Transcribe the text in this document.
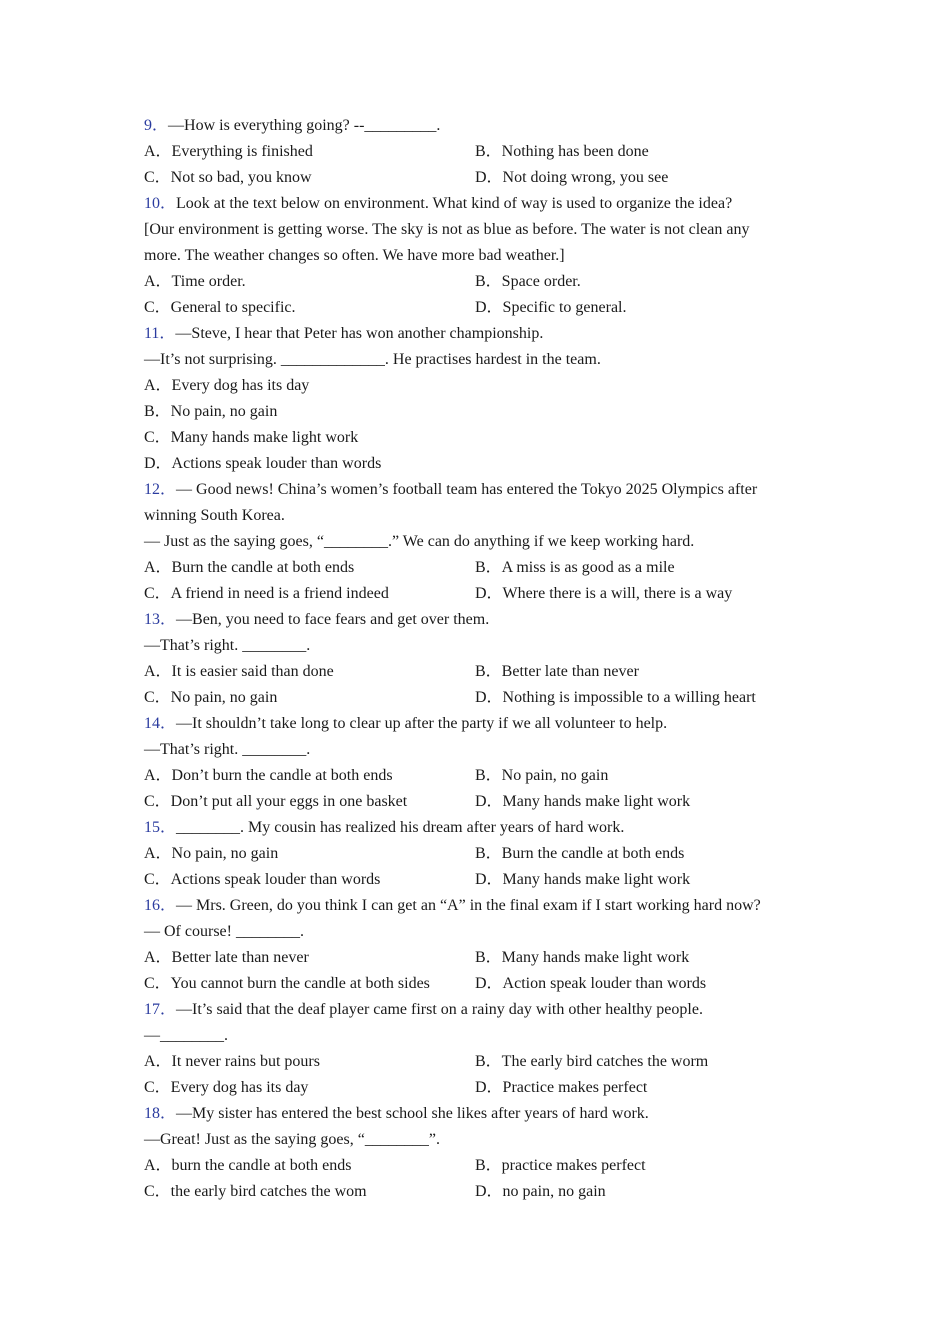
9．—How is everything going? --_________.
A．Everything is finished	B．Nothing has been done
C．Not so bad, you know	D．Not doing wrong, you see
10．Look at the text below on environment. What kind of way is used to organize the idea?
[Our environment is getting worse. The sky is not as blue as before. The water is not clean any
more. The weather changes so often. We have more bad weather.]
A．Time order.	B．Space order.
C．General to specific.	D．Specific to general.
11．—Steve, I hear that Peter has won another championship.
—It’s not surprising. _____________. He practises hardest in the team.
A．Every dog has its day
B．No pain, no gain
C．Many hands make light work
D．Actions speak louder than words
12．— Good news! China’s women’s football team has entered the Tokyo 2025 Olympics after
winning South Korea.
— Just as the saying goes, “________.” We can do anything if we keep working hard.
A．Burn the candle at both ends	B．A miss is as good as a mile
C．A friend in need is a friend indeed	D．Where there is a will, there is a way
13．—Ben, you need to face fears and get over them.
—That’s right. ________.
A．It is easier said than done	B．Better late than never
C．No pain, no gain	D．Nothing is impossible to a willing heart
14．—It shouldn’t take long to clear up after the party if we all volunteer to help.
—That’s right. ________.
A．Don’t burn the candle at both ends	B．No pain, no gain
C．Don’t put all your eggs in one basket	D．Many hands make light work
15．________. My cousin has realized his dream after years of hard work.
A．No pain, no gain	B．Burn the candle at both ends
C．Actions speak louder than words	D．Many hands make light work
16．— Mrs. Green, do you think I can get an “A” in the final exam if I start working hard now?
— Of course! ________.
A．Better late than never	B．Many hands make light work
C．You cannot burn the candle at both sides	D．Action speak louder than words
17．—It’s said that the deaf player came first on a rainy day with other healthy people.
—________.
A．It never rains but pours	B．The early bird catches the worm
C．Every dog has its day	D．Practice makes perfect
18．—My sister has entered the best school she likes after years of hard work.
—Great! Just as the saying goes, “________”.
A．burn the candle at both ends	B．practice makes perfect
C．the early bird catches the wom	D．no pain, no gain
